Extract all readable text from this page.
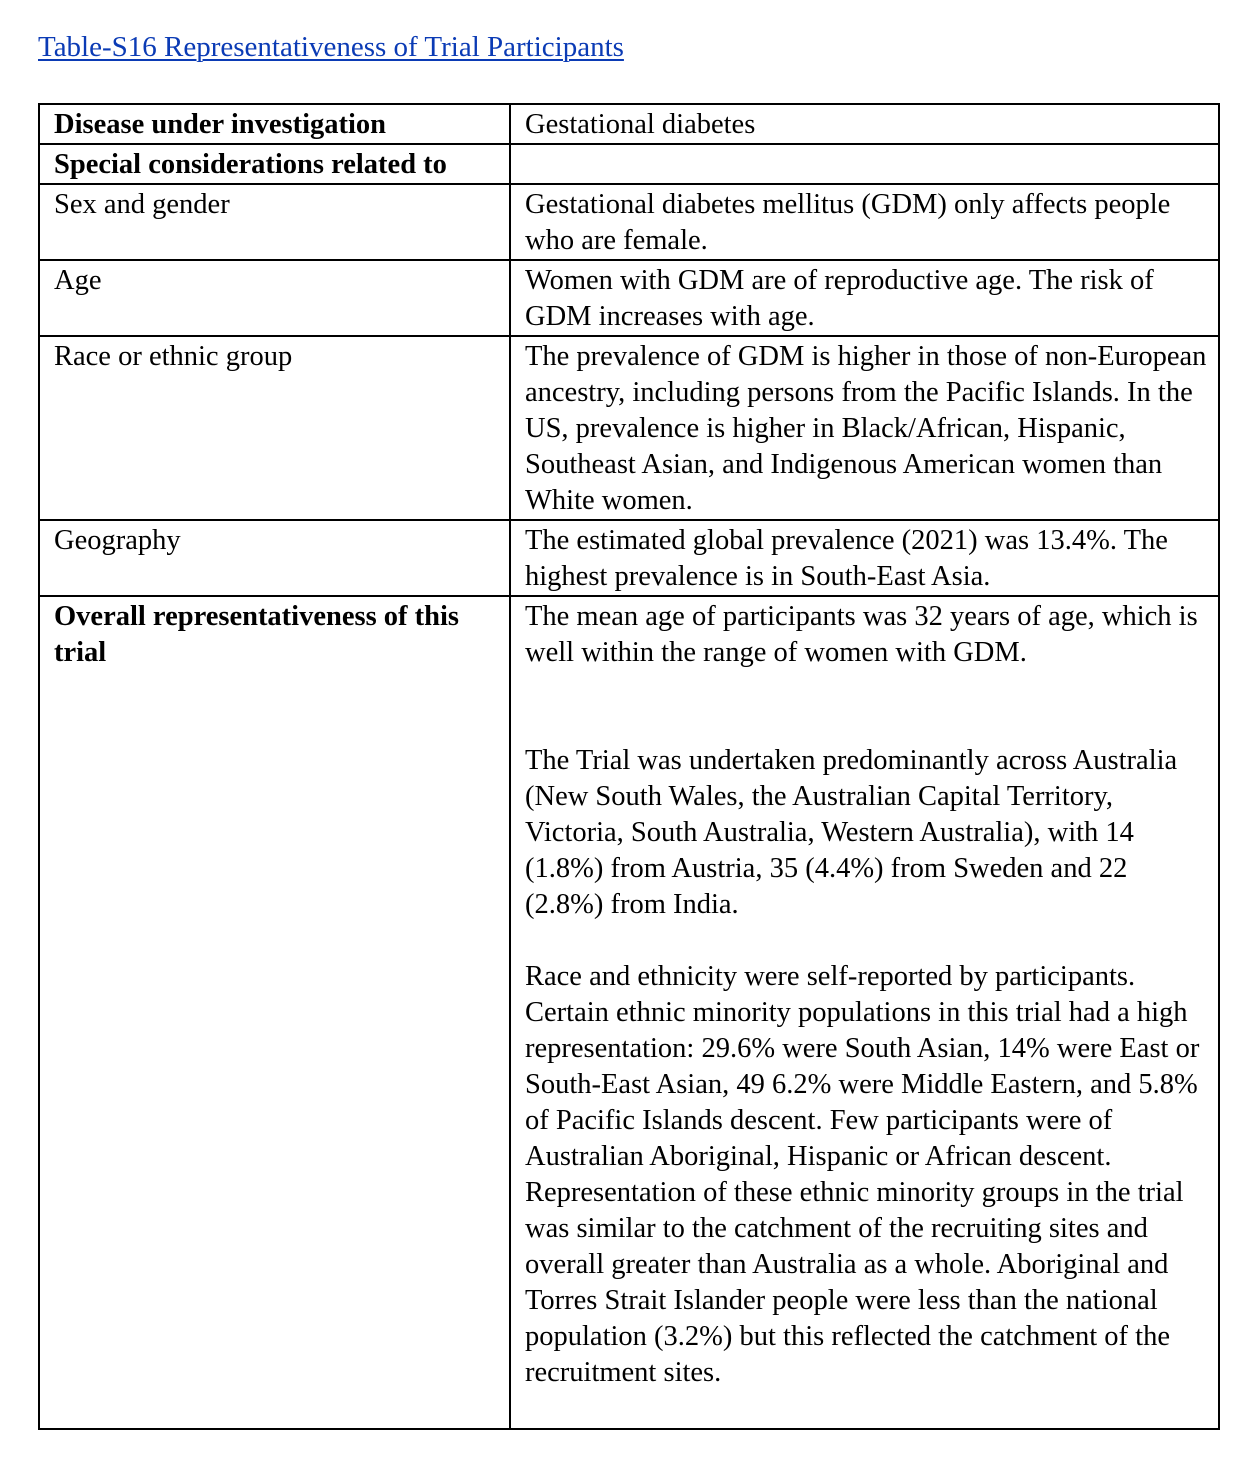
Table-S16 Representativeness of Trial Participants
Disease under investigation	Gestational diabetes
Special considerations related to	
Sex and gender	Gestational diabetes mellitus (GDM) only affects people who are female.
Age	Women with GDM are of reproductive age. The risk of GDM increases with age.
Race or ethnic group	The prevalence of GDM is higher in those of non-European ancestry, including persons from the Pacific Islands. In the US, prevalence is higher in Black/African, Hispanic, Southeast Asian, and Indigenous American women than White women.
Geography	The estimated global prevalence (2021) was 13.4%. The highest prevalence is in South-East Asia.
Overall representativeness of this trial	The mean age of participants was 32 years of age, which is well within the range of women with GDM.

The Trial was undertaken predominantly across Australia (New South Wales, the Australian Capital Territory, Victoria, South Australia, Western Australia), with 14 (1.8%) from Austria, 35 (4.4%) from Sweden and 22 (2.8%) from India.

Race and ethnicity were self-reported by participants. Certain ethnic minority populations in this trial had a high representation: 29.6% were South Asian, 14% were East or South-East Asian, 49 6.2% were Middle Eastern, and 5.8% of Pacific Islands descent. Few participants were of Australian Aboriginal, Hispanic or African descent. Representation of these ethnic minority groups in the trial was similar to the catchment of the recruiting sites and overall greater than Australia as a whole. Aboriginal and Torres Strait Islander people were less than the national population (3.2%) but this reflected the catchment of the recruitment sites.
